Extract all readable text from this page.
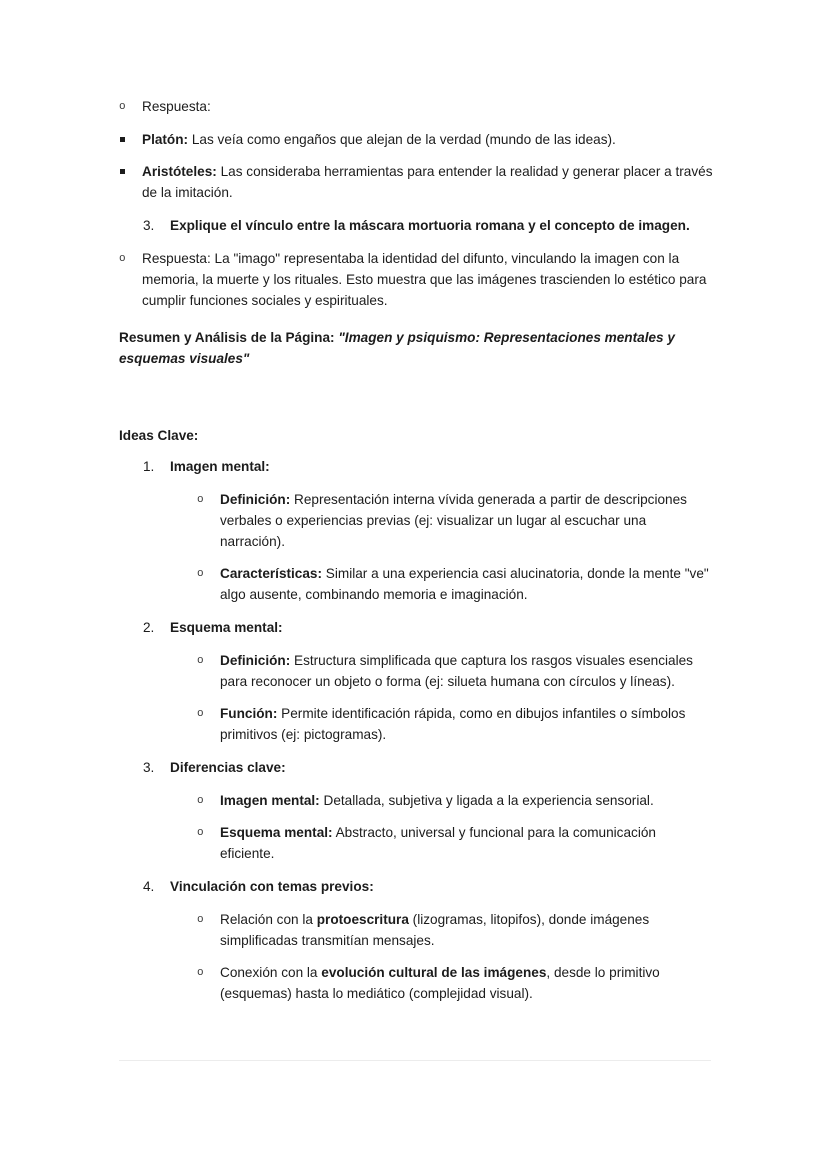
o Respuesta:
Platón: Las veía como engaños que alejan de la verdad (mundo de las ideas).
Aristóteles: Las consideraba herramientas para entender la realidad y generar placer a través de la imitación.
3.	Explique el vínculo entre la máscara mortuoria romana y el concepto de imagen.
o Respuesta: La "imago" representaba la identidad del difunto, vinculando la imagen con la memoria, la muerte y los rituales. Esto muestra que las imágenes trascienden lo estético para cumplir funciones sociales y espirituales.
Resumen y Análisis de la Página: "Imagen y psiquismo: Representaciones mentales y esquemas visuales"
Ideas Clave:
1.	Imagen mental:
o Definición: Representación interna vívida generada a partir de descripciones verbales o experiencias previas (ej: visualizar un lugar al escuchar una narración).
o Características: Similar a una experiencia casi alucinatoria, donde la mente "ve" algo ausente, combinando memoria e imaginación.
2.	Esquema mental:
o Definición: Estructura simplificada que captura los rasgos visuales esenciales para reconocer un objeto o forma (ej: silueta humana con círculos y líneas).
o Función: Permite identificación rápida, como en dibujos infantiles o símbolos primitivos (ej: pictogramas).
3.	Diferencias clave:
o Imagen mental: Detallada, subjetiva y ligada a la experiencia sensorial.
o Esquema mental: Abstracto, universal y funcional para la comunicación eficiente.
4.	Vinculación con temas previos:
o Relación con la protoescritura (lizogramas, litopifos), donde imágenes simplificadas transmitían mensajes.
o Conexión con la evolución cultural de las imágenes, desde lo primitivo (esquemas) hasta lo mediático (complejidad visual).
